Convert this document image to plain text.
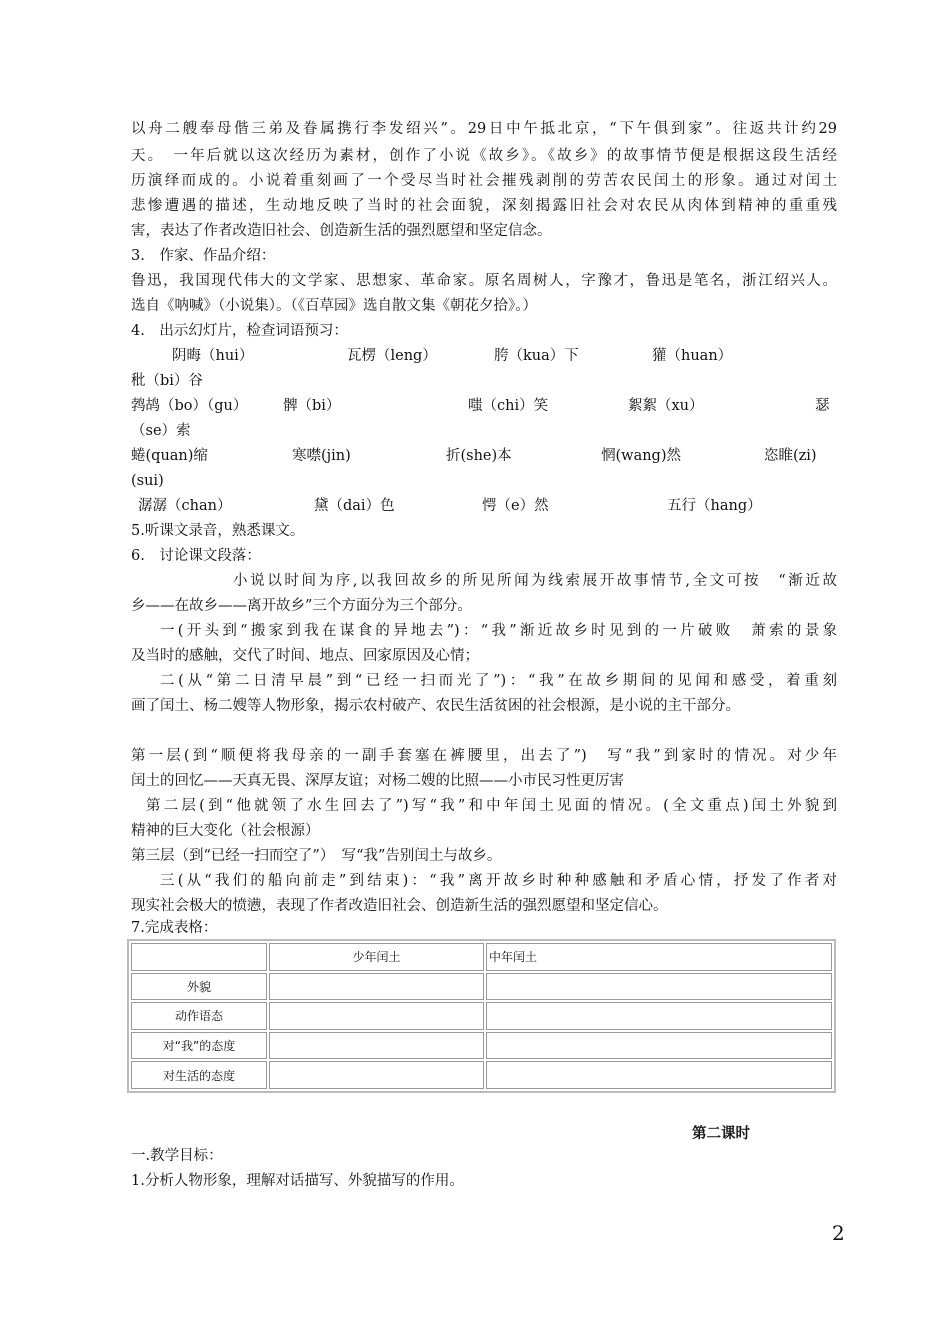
以舟二艘奉母偕三弟及眷属携行李发绍兴”。29日中午抵北京，“下午俱到家”。往返共计约29
天。　一年后就以这次经历为素材，创作了小说《故乡》。《故乡》的故事情节便是根据这段生活经
历演绎而成的。小说着重刻画了一个受尽当时社会摧残剥削的劳苦农民闰土的形象。通过对闰土
悲惨遭遇的描述，生动地反映了当时的社会面貌，深刻揭露旧社会对农民从肉体到精神的重重残
害，表达了作者改造旧社会、创造新生活的强烈愿望和坚定信念。
3.　作家、作品介绍：
鲁迅，我国现代伟大的文学家、思想家、革命家。原名周树人，字豫才，鲁迅是笔名，浙江绍兴人。
选自《呐喊》（小说集）。（《百草园》选自散文集《朝花夕拾》。）
4.　出示幻灯片，检查词语预习：
阴晦（hui）	瓦楞（leng）	胯（kua）下	獾（huan）
秕（bi）谷
鹁鸪（bo）（gu） 髀（bi）	嗤（chi）笑	絮絮（xu）	瑟
（se）索
蜷(quan)缩	寒噤(jin)	折(she)本	惘(wang)然	恣睢(zi)
(sui)
潺潺（chan）	黛（dai）色	愕（e）然	五行（hang）
5.听课文录音，熟悉课文。
6.　讨论课文段落：
小说以时间为序,以我回故乡的所见所闻为线索展开故事情节,全文可按　“渐近故
乡——在故乡——离开故乡”三个方面分为三个部分。
一(开头到“搬家到我在谋食的异地去”)：“我”渐近故乡时见到的一片破败　萧索的景象
及当时的感触，交代了时间、地点、回家原因及心情；
二(从“第二日清早晨”到“已经一扫而光了”)：“我”在故乡期间的见闻和感受，着重刻
画了闰土、杨二嫂等人物形象，揭示农村破产、农民生活贫困的社会根源，是小说的主干部分。
第一层(到“顺便将我母亲的一副手套塞在裤腰里，出去了”)　写“我”到家时的情况。对少年
闰土的回忆——天真无畏、深厚友谊；对杨二嫂的比照——小市民习性更厉害
第二层(到“他就领了水生回去了”)写“我”和中年闰土见面的情况。(全文重点)闰土外貌到
精神的巨大变化（社会根源）
第三层（到“已经一扫而空了”）　写“我”告别闰土与故乡。
三(从“我们的船向前走”到结束)：“我”离开故乡时种种感触和矛盾心情，抒发了作者对
现实社会极大的愤懑，表现了作者改造旧社会、创造新生活的强烈愿望和坚定信心。
7.完成表格：
	少年闰土	中年闰土
外貌		
动作语态		
对“我”的态度		
对生活的态度		
第二课时
一.教学目标：
1.分析人物形象，理解对话描写、外貌描写的作用。
2
